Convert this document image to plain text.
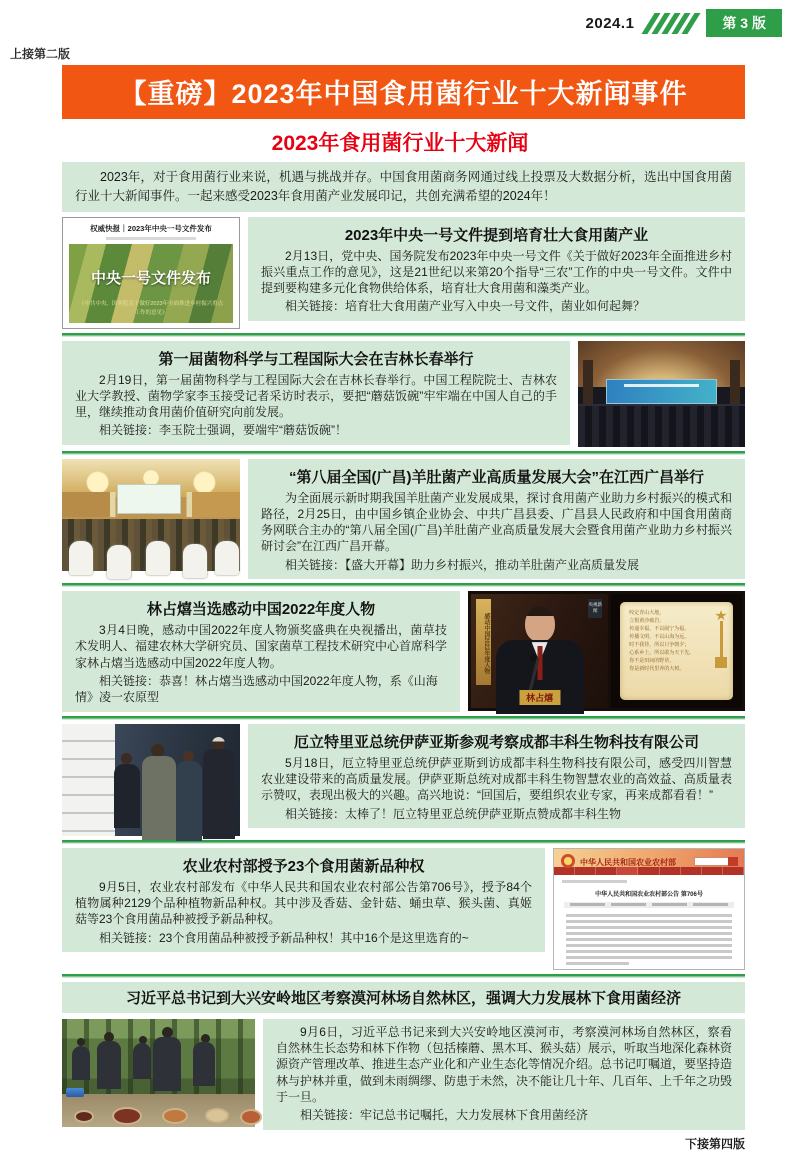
2024.1	第 3 版
上接第二版
【重磅】2023年中国食用菌行业十大新闻事件
2023年食用菌行业十大新闻

2023年，对于食用菌行业来说，机遇与挑战并存。中国食用菌商务网通过线上投票及大数据分析，选出中国食用菌行业十大新闻事件。一起来感受2023年食用菌产业发展印记，共创充满希望的2024年！

权威快报｜2023年中央一号文件发布
中央一号文件发布
《中共中央、国务院关于做好2023年全面推进乡村振兴重点工作的意见》
2023年中央一号文件提到培育壮大食用菌产业

2月13日，党中央、国务院发布2023年中央一号文件《关于做好2023年全面推进乡村振兴重点工作的意见》，这是21世纪以来第20个指导“三农”工作的中央一号文件。文件中提到要构建多元化食物供给体系，培育壮大食用菌和藻类产业。

相关链接：培育壮大食用菌产业写入中央一号文件，菌业如何起舞？

第一届菌物科学与工程国际大会在吉林长春举行

2月19日，第一届菌物科学与工程国际大会在吉林长春举行。中国工程院院士、吉林农业大学教授、菌物学家李玉接受记者采访时表示，要把“蘑菇饭碗”牢牢端在中国人自己的手里，继续推动食用菌价值研究向前发展。

相关链接：李玉院士强调，要端牢“蘑菇饭碗”！

“第八届全国(广昌)羊肚菌产业高质量发展大会”在江西广昌举行

为全面展示新时期我国羊肚菌产业发展成果，探讨食用菌产业助力乡村振兴的模式和路径，2月25日，由中国乡镇企业协会、中共广昌县委、广昌县人民政府和中国食用菌商务网联合主办的“第八届全国(广昌)羊肚菌产业高质量发展大会暨食用菌产业助力乡村振兴研讨会”在江西广昌开幕。

相关链接：【盛大开幕】助力乡村振兴，推动羊肚菌产业高质量发展

林占熺当选感动中国2022年度人物

3月4日晚，感动中国2022年度人物颁奖盛典在央视播出，菌草技术发明人、福建农林大学研究员、国家菌草工程技术研究中心首席科学家林占熺当选感动中国2022年度人物。

相关链接：恭喜！林占熺当选感动中国2022年度人物，系《山海情》凌一农原型

感动中国2022年度人物
央视新闻
林占熺
咬定青山大地，
立根黄沙破岩。
传递幸福，不以闹宁为福。
传播文明，不以山海为远。
时不我待，所以只争朝夕；
心系乡土，所以敢为天下先。
你不是田间的野草，
你是新时代里养的大树。
厄立特里亚总统伊萨亚斯参观考察成都丰科生物科技有限公司

5月18日，厄立特里亚总统伊萨亚斯到访成都丰科生物科技有限公司，感受四川智慧农业建设带来的高质量发展。伊萨亚斯总统对成都丰科生物智慧农业的高效益、高质量表示赞叹，表现出极大的兴趣。高兴地说：“回国后，要组织农业专家，再来成都看看！”

相关链接：太棒了！厄立特里亚总统伊萨亚斯点赞成都丰科生物

农业农村部授予23个食用菌新品种权

9月5日，农业农村部发布《中华人民共和国农业农村部公告第706号》，授予84个植物属种2129个品种植物新品种权。其中涉及香菇、金针菇、蛹虫草、猴头菌、真姬菇等23个食用菌品种被授予新品种权。

相关链接：23个食用菌品种被授予新品种权！其中16个是这里选育的~

中华人民共和国农业农村部
中华人民共和国农业农村部公告 第706号
习近平总书记到大兴安岭地区考察漠河林场自然林区，强调大力发展林下食用菌经济

9月6日，习近平总书记来到大兴安岭地区漠河市，考察漠河林场自然林区，察看自然林生长态势和林下作物（包括榛蘑、黑木耳、猴头菇）展示，听取当地深化森林资源资产管理改革、推进生态产业化和产业生态化等情况介绍。总书记叮嘱道，要坚持造林与护林并重，做到未雨绸缪、防患于未然，决不能让几十年、几百年、上千年之功毁于一旦。

相关链接：牢记总书记嘱托，大力发展林下食用菌经济

下接第四版
